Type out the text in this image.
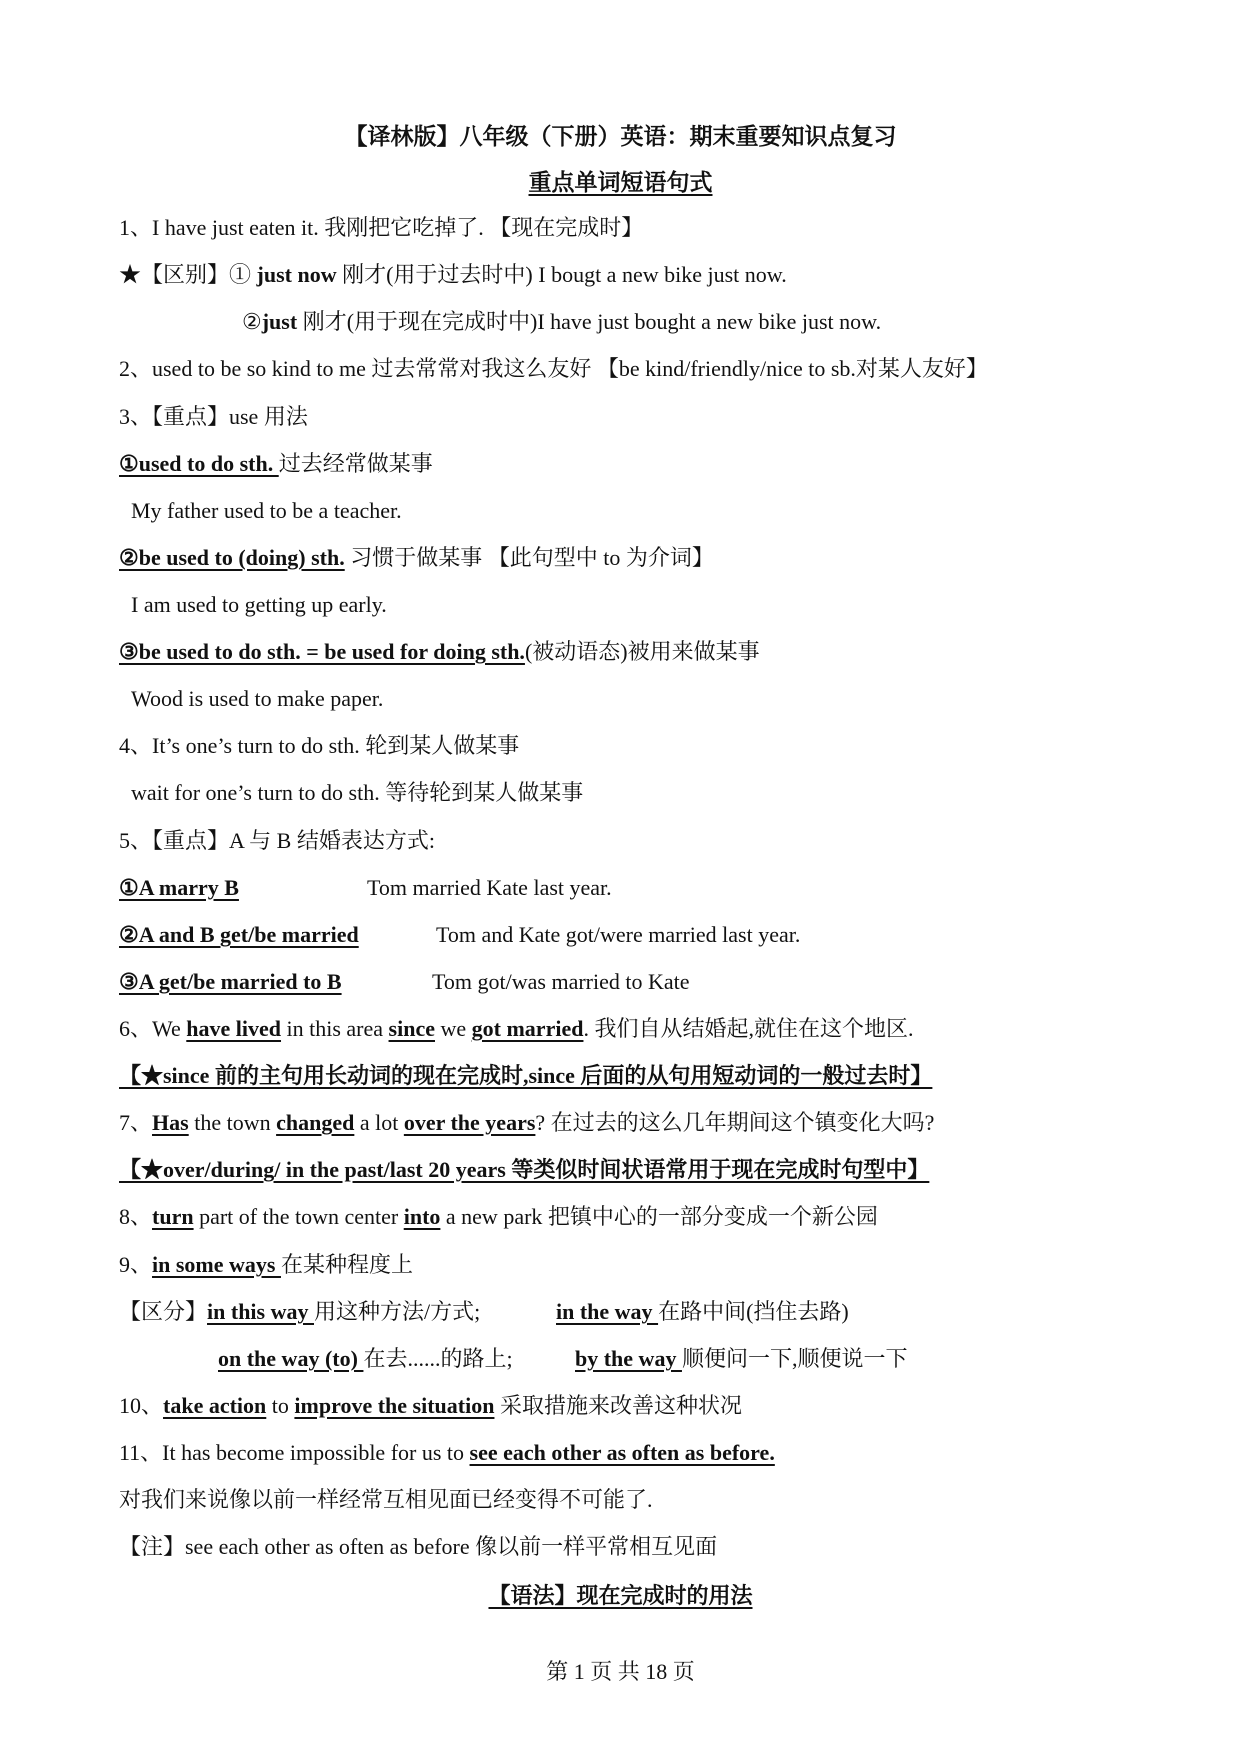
【译林版】八年级（下册）英语：期末重要知识点复习
重点单词短语句式
1、I have just eaten it. 我刚把它吃掉了. 【现在完成时】
★【区别】① just now 刚才(用于过去时中) I bougt a new bike just now.
②just 刚才(用于现在完成时中)I have just bought a new bike just now.
2、used to be so kind to me 过去常常对我这么友好 【be kind/friendly/nice to sb.对某人友好】
3、【重点】use 用法
①used to do sth. 过去经常做某事
My father used to be a teacher.
②be used to (doing) sth. 习惯于做某事 【此句型中 to 为介词】
I am used to getting up early.
③be used to do sth. = be used for doing sth.(被动语态)被用来做某事
Wood is used to make paper.
4、It’s one’s turn to do sth. 轮到某人做某事
wait for one’s turn to do sth. 等待轮到某人做某事
5、【重点】A 与 B 结婚表达方式:
①A marry B	Tom married Kate last year.
②A and B get/be married	Tom and Kate got/were married last year.
③A get/be married to B	Tom got/was married to Kate
6、We have lived in this area since we got married. 我们自从结婚起,就住在这个地区.
【★since 前的主句用长动词的现在完成时,since 后面的从句用短动词的一般过去时】
7、Has the town changed a lot over the years? 在过去的这么几年期间这个镇变化大吗?
【★over/during/ in the past/last 20 years 等类似时间状语常用于现在完成时句型中】
8、turn part of the town center into a new park 把镇中心的一部分变成一个新公园
9、in some ways 在某种程度上
【区分】in this way 用这种方法/方式;	in the way 在路中间(挡住去路)
on the way (to) 在去......的路上;	by the way 顺便问一下,顺便说一下
10、take action to improve the situation 采取措施来改善这种状况
11、It has become impossible for us to see each other as often as before.
对我们来说像以前一样经常互相见面已经变得不可能了.
【注】see each other as often as before 像以前一样平常相互见面
【语法】现在完成时的用法
第 1 页 共 18 页
